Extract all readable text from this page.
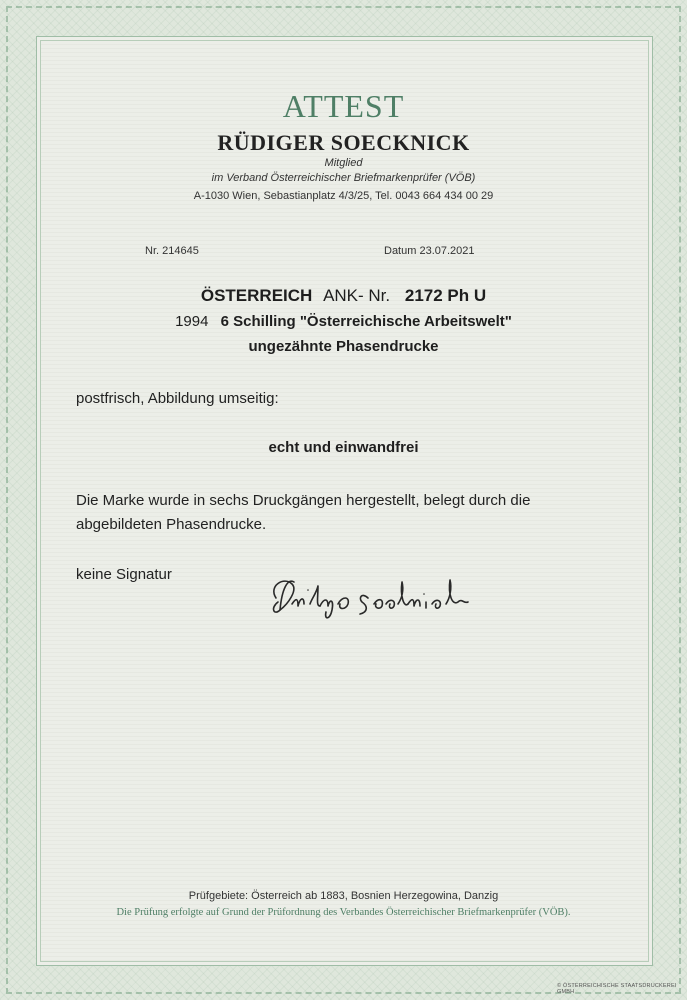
ATTEST
RÜDIGER SOECKNICK
Mitglied
im Verband Österreichischer Briefmarkenprüfer (VÖB)
A-1030 Wien, Sebastianplatz 4/3/25, Tel. 0043 664 434 00 29
Nr. 214645	Datum 23.07.2021
ÖSTERREICH ANK- Nr. 2172 Ph U
1994 6 Schilling "Österreichische Arbeitswelt"
ungezähnte Phasendrucke
postfrisch, Abbildung umseitig:
echt und einwandfrei
Die Marke wurde in sechs Druckgängen hergestellt, belegt durch die abgebildeten Phasendrucke.
keine Signatur
Prüfgebiete: Österreich ab 1883, Bosnien Herzegowina, Danzig
Die Prüfung erfolgte auf Grund der Prüfordnung des Verbandes Österreichischer Briefmarkenprüfer (VÖB).
© ÖSTERREICHISCHE STAATSDRUCKEREI GMBH
